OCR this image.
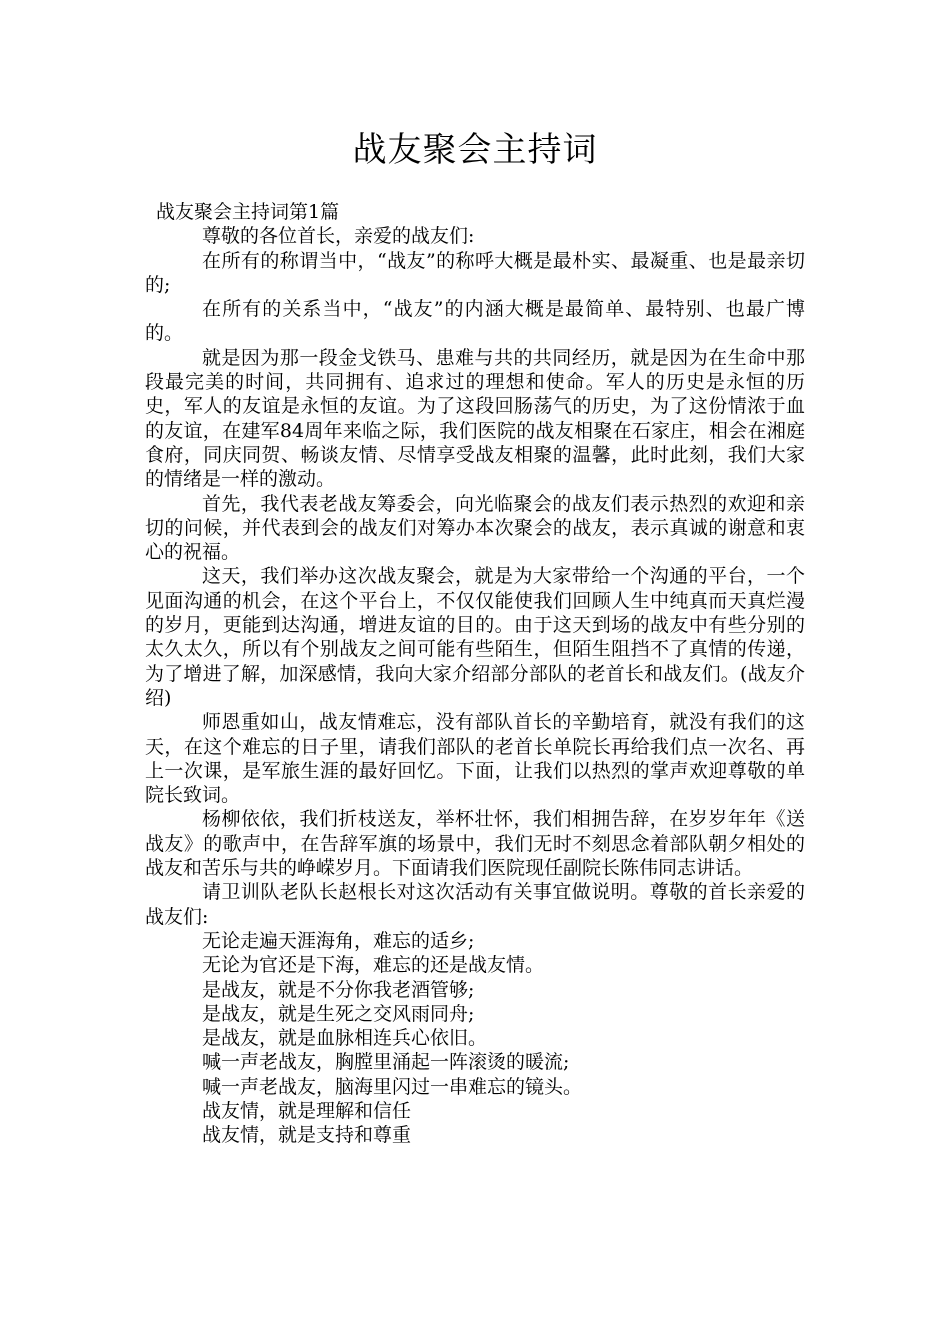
战友聚会主持词

战友聚会主持词第1篇

尊敬的各位首长，亲爱的战友们:

在所有的称谓当中，“战友”的称呼大概是最朴实、最凝重、也是最亲切的;

在所有的关系当中，“战友”的内涵大概是最简单、最特别、也最广博的。

就是因为那一段金戈铁马、患难与共的共同经历，就是因为在生命中那段最完美的时间，共同拥有、追求过的理想和使命。军人的历史是永恒的历史，军人的友谊是永恒的友谊。为了这段回肠荡气的历史，为了这份情浓于血的友谊，在建军84周年来临之际，我们医院的战友相聚在石家庄，相会在湘庭食府，同庆同贺、畅谈友情、尽情享受战友相聚的温馨，此时此刻，我们大家的情绪是一样的激动。

首先，我代表老战友筹委会，向光临聚会的战友们表示热烈的欢迎和亲切的问候，并代表到会的战友们对筹办本次聚会的战友，表示真诚的谢意和衷心的祝福。

这天，我们举办这次战友聚会，就是为大家带给一个沟通的平台，一个见面沟通的机会，在这个平台上，不仅仅能使我们回顾人生中纯真而天真烂漫的岁月，更能到达沟通，增进友谊的目的。由于这天到场的战友中有些分别的太久太久，所以有个别战友之间可能有些陌生，但陌生阻挡不了真情的传递，为了增进了解，加深感情，我向大家介绍部分部队的老首长和战友们。(战友介绍)

师恩重如山，战友情难忘，没有部队首长的辛勤培育，就没有我们的这天，在这个难忘的日子里，请我们部队的老首长单院长再给我们点一次名、再上一次课，是军旅生涯的最好回忆。下面，让我们以热烈的掌声欢迎尊敬的单院长致词。

杨柳依依，我们折枝送友，举杯壮怀，我们相拥告辞，在岁岁年年《送战友》的歌声中，在告辞军旗的场景中，我们无时不刻思念着部队朝夕相处的战友和苦乐与共的峥嵘岁月。下面请我们医院现任副院长陈伟同志讲话。

请卫训队老队长赵根长对这次活动有关事宜做说明。尊敬的首长亲爱的战友们:

无论走遍天涯海角，难忘的适乡;

无论为官还是下海，难忘的还是战友情。

是战友，就是不分你我老酒管够;

是战友，就是生死之交风雨同舟;

是战友，就是血脉相连兵心依旧。

喊一声老战友，胸膛里涌起一阵滚烫的暖流;

喊一声老战友，脑海里闪过一串难忘的镜头。

战友情，就是理解和信任

战友情，就是支持和尊重
